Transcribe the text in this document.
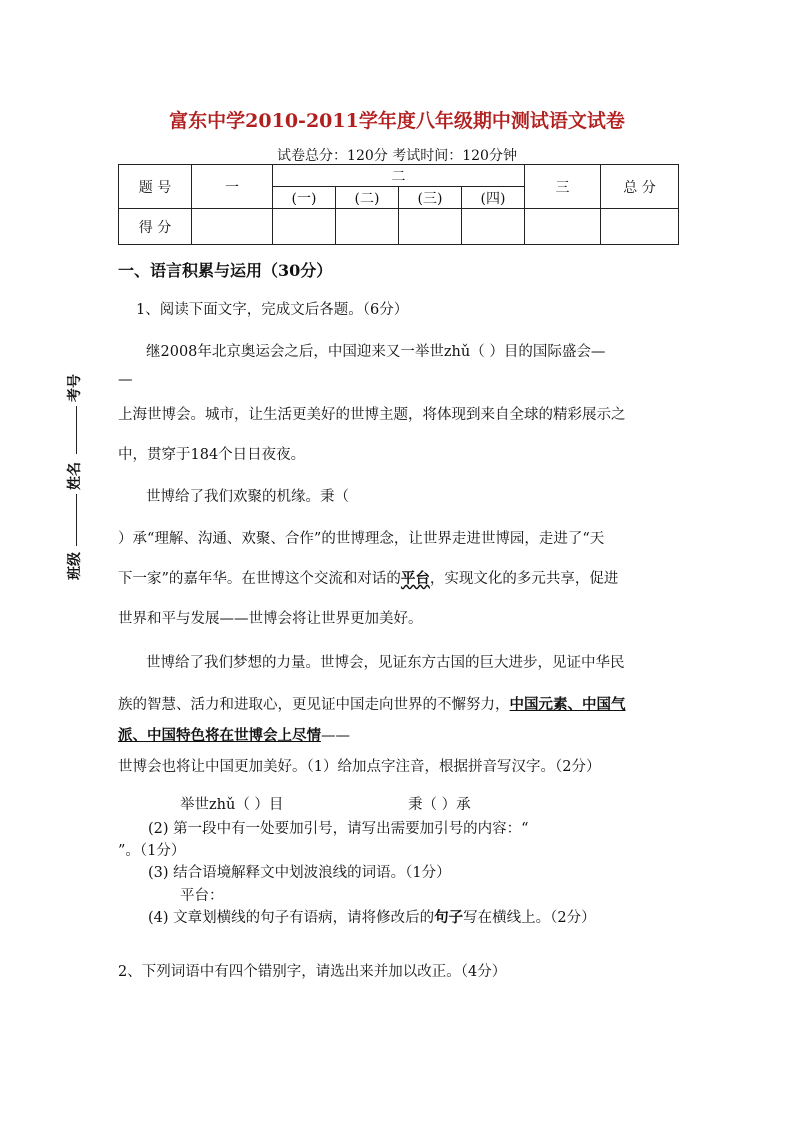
富东中学2010-2011学年度八年级期中测试语文试卷
试卷总分：120分 考试时间：120分钟
题 号	一	二				三	总 分
		(一)	(二)	(三)	(四)		
得 分							
考号
姓名
班级
一、语言积累与运用（30分）
1、阅读下面文字，完成文后各题。（6分）
继2008年北京奥运会之后，中国迎来又一举世zhǔ（ ）目的国际盛会—
—
上海世博会。城市，让生活更美好的世博主题，将体现到来自全球的精彩展示之
中，贯穿于184个日日夜夜。
世博给了我们欢聚的机缘。秉（
）承“理解、沟通、欢聚、合作”的世博理念，让世界走进世博园，走进了“天
下一家”的嘉年华。在世博这个交流和对话的平台，实现文化的多元共享，促进
世界和平与发展——世博会将让世界更加美好。
世博给了我们梦想的力量。世博会，见证东方古国的巨大进步，见证中华民
族的智慧、活力和进取心，更见证中国走向世界的不懈努力，中国元素、中国气
派、中国特色将在世博会上尽情——
世博会也将让中国更加美好。（1）给加点字注音，根据拼音写汉字。（2分）
举世zhǔ（ ）目	秉（ ）承
(2) 第一段中有一处要加引号，请写出需要加引号的内容：“
”。（1分）
(3) 结合语境解释文中划波浪线的词语。（1分）
平台：
(4) 文章划横线的句子有语病，请将修改后的句子写在横线上。（2分）
2、下列词语中有四个错别字，请选出来并加以改正。（4分）
